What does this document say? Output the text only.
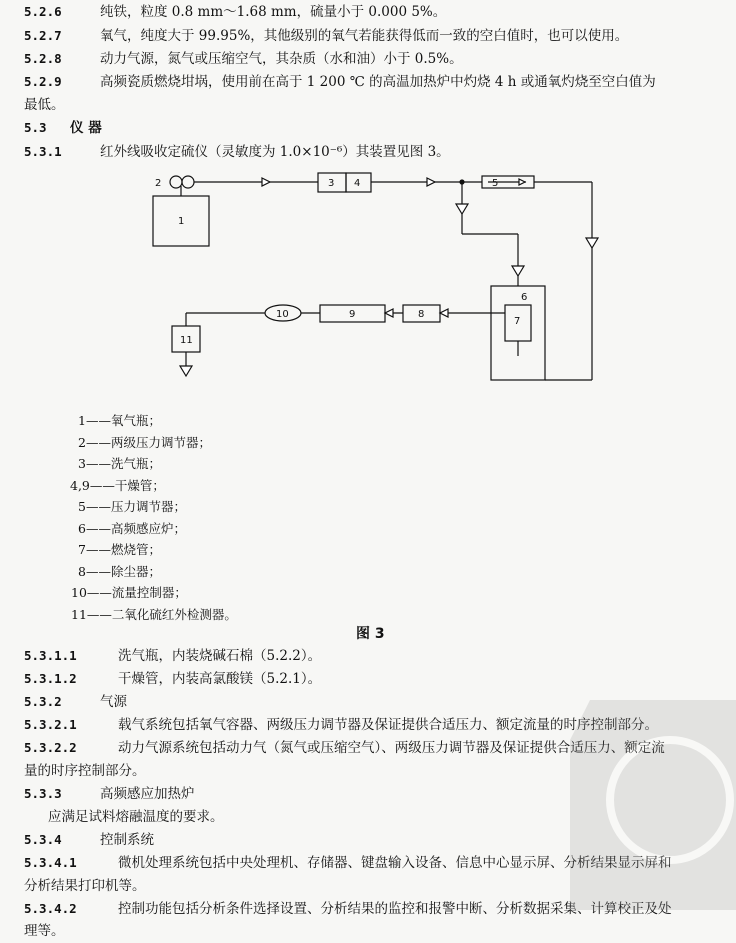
5.2.6	纯铁，粒度 0.8 mm～1.68 mm，硫量小于 0.000 5%。
5.2.7	氧气，纯度大于 99.95%，其他级别的氧气若能获得低而一致的空白值时，也可以使用。
5.2.8	动力气源，氮气或压缩空气，其杂质（水和油）小于 0.5%。
5.2.9	高频瓷质燃烧坩埚，使用前在高于 1 200 ℃ 的高温加热炉中灼烧 4 h 或通氧灼烧至空白值为
最低。
5.3 仪 器
5.3.1	红外线吸收定硫仪（灵敏度为 1.0×10⁻⁶）其装置见图 3。
1
2	3 4	5
6
7
8
9
10
11
1——氧气瓶；
2——两级压力调节器；
3——洗气瓶；
4,9——干燥管；
5——压力调节器；
6——高频感应炉；
7——燃烧管；
8——除尘器；
10——流量控制器；
11——二氧化硫红外检测器。
图 3
5.3.1.1	洗气瓶，内装烧碱石棉（5.2.2）。
5.3.1.2	干燥管，内装高氯酸镁（5.2.1）。
5.3.2	气源
5.3.2.1	载气系统包括氧气容器、两级压力调节器及保证提供合适压力、额定流量的时序控制部分。
5.3.2.2	动力气源系统包括动力气（氮气或压缩空气）、两级压力调节器及保证提供合适压力、额定流
量的时序控制部分。
5.3.3	高频感应加热炉
应满足试料熔融温度的要求。
5.3.4	控制系统
5.3.4.1	微机处理系统包括中央处理机、存储器、键盘输入设备、信息中心显示屏、分析结果显示屏和
分析结果打印机等。
5.3.4.2	控制功能包括分析条件选择设置、分析结果的监控和报警中断、分析数据采集、计算校正及处
理等。
